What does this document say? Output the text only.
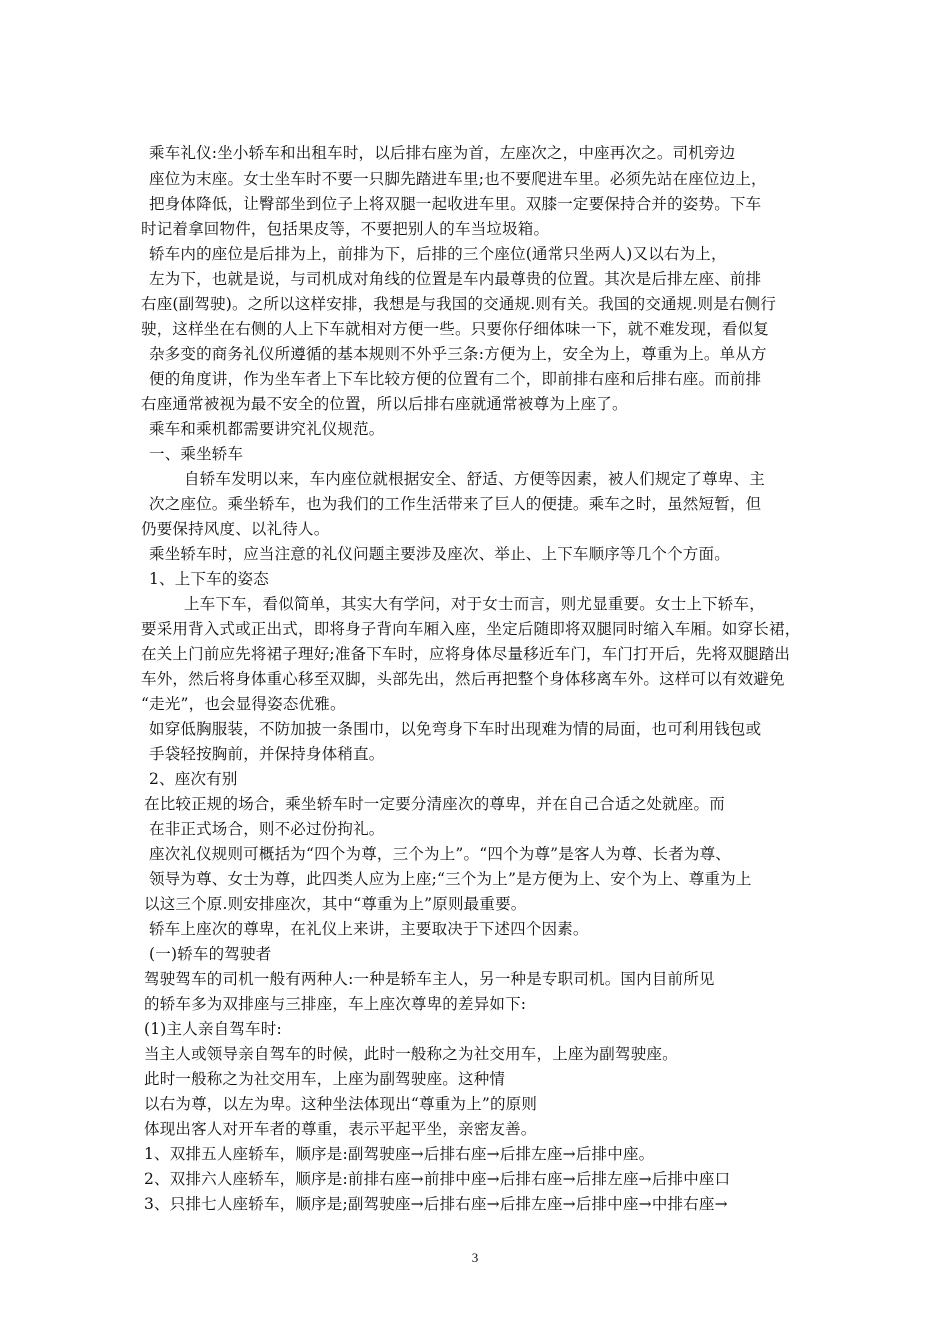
乘车礼仪:坐小轿车和出租车时，以后排右座为首，左座次之，中座再次之。司机旁边
座位为末座。女士坐车时不要一只脚先踏进车里;也不要爬进车里。必须先站在座位边上，
把身体降低，让臀部坐到位子上将双腿一起收进车里。双膝一定要保持合并的姿势。下车
时记着拿回物件，包括果皮等，不要把别人的车当垃圾箱。
轿车内的座位是后排为上，前排为下，后排的三个座位(通常只坐两人)又以右为上，
左为下，也就是说，与司机成对角线的位置是车内最尊贵的位置。其次是后排左座、前排
右座(副驾驶)。之所以这样安排，我想是与我国的交通规.则有关。我国的交通规.则是右侧行
驶，这样坐在右侧的人上下车就相对方便一些。只要你仔细体味一下，就不难发现，看似复
杂多变的商务礼仪所遵循的基本规则不外乎三条:方便为上，安全为上，尊重为上。单从方
便的角度讲，作为坐车者上下车比较方便的位置有二个，即前排右座和后排右座。而前排
右座通常被视为最不安全的位置，所以后排右座就通常被尊为上座了。
乘车和乘机都需要讲究礼仪规范。
一、乘坐轿车
自轿车发明以来，车内座位就根据安全、舒适、方便等因素，被人们规定了尊卑、主
次之座位。乘坐轿车，也为我们的工作生活带来了巨人的便捷。乘车之时，虽然短暂，但
仍要保持风度、以礼待人。
乘坐轿车时，应当注意的礼仪问题主要涉及座次、举止、上下车顺序等几个个方面。
1、上下车的姿态
上车下车，看似简单，其实大有学问，对于女士而言，则尤显重要。女士上下轿车，
要采用背入式或正出式，即将身子背向车厢入座，坐定后随即将双腿同时缩入车厢。如穿长裙，
在关上门前应先将裙子理好;准备下车时，应将身体尽量移近车门，车门打开后，先将双腿踏出
车外，然后将身体重心移至双脚，头部先出，然后再把整个身体移离车外。这样可以有效避免
“走光”，也会显得姿态优雅。
如穿低胸服装，不防加披一条围巾，以免弯身下车时出现难为情的局面，也可利用钱包或
手袋轻按胸前，并保持身体稍直。
2、座次有别
在比较正规的场合，乘坐轿车时一定要分清座次的尊卑，并在自己合适之处就座。而
在非正式场合，则不必过份拘礼。
座次礼仪规则可概括为“四个为尊，三个为上”。“四个为尊”是客人为尊、长者为尊、
领导为尊、女士为尊，此四类人应为上座;“三个为上”是方便为上、安个为上、尊重为上
以这三个原.则安排座次，其中“尊重为上”原则最重要。
轿车上座次的尊卑，在礼仪上来讲，主要取决于下述四个因素。
(一)轿车的驾驶者
驾驶驾车的司机一般有两种人:一种是轿车主人，另一种是专职司机。国内目前所见
的轿车多为双排座与三排座，车上座次尊卑的差异如下:
(1)主人亲自驾车时:
当主人或领导亲自驾车的时候，此时一般称之为社交用车，上座为副驾驶座。
此时一般称之为社交用车，上座为副驾驶座。这种情
以右为尊，以左为卑。这种坐法体现出“尊重为上”的原则
体现出客人对开车者的尊重，表示平起平坐，亲密友善。
1、双排五人座轿车，顺序是:副驾驶座→后排右座→后排左座→后排中座。
2、双排六人座轿车，顺序是:前排右座→前排中座→后排右座→后排左座→后排中座口
3、只排七人座轿车，顺序是;副驾驶座→后排右座→后排左座→后排中座→中排右座→
3
